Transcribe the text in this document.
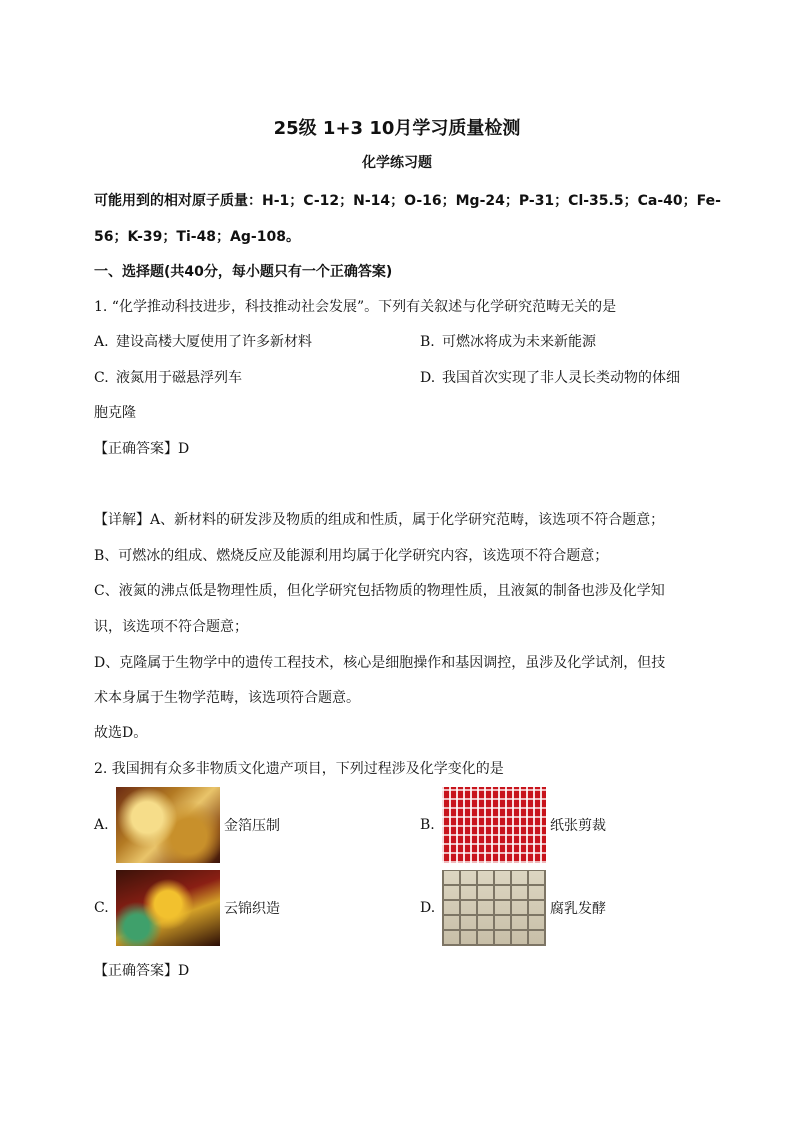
25级 1+3 10月学习质量检测
化学练习题
可能用到的相对原子质量：H-1；C-12；N-14；O-16；Mg-24；P-31；Cl-35.5；Ca-40；Fe-
56；K-39；Ti-48；Ag-108。
一、选择题(共40分，每小题只有一个正确答案)
1. “化学推动科技进步，科技推动社会发展”。下列有关叙述与化学研究范畴无关的是
A. 建设高楼大厦使用了许多新材料	B. 可燃冰将成为未来新能源
C. 液氮用于磁悬浮列车	D. 我国首次实现了非人灵长类动物的体细
胞克隆
【正确答案】D
【详解】A、新材料的研发涉及物质的组成和性质，属于化学研究范畴，该选项不符合题意；
B、可燃冰的组成、燃烧反应及能源利用均属于化学研究内容，该选项不符合题意；
C、液氮的沸点低是物理性质，但化学研究包括物质的物理性质，且液氮的制备也涉及化学知
识，该选项不符合题意；
D、克隆属于生物学中的遗传工程技术，核心是细胞操作和基因调控，虽涉及化学试剂，但技
术本身属于生物学范畴，该选项符合题意。
故选D。
2. 我国拥有众多非物质文化遗产项目，下列过程涉及化学变化的是
A.	金箔压制	B.	纸张剪裁
C.	云锦织造	D.	腐乳发酵
【正确答案】D
